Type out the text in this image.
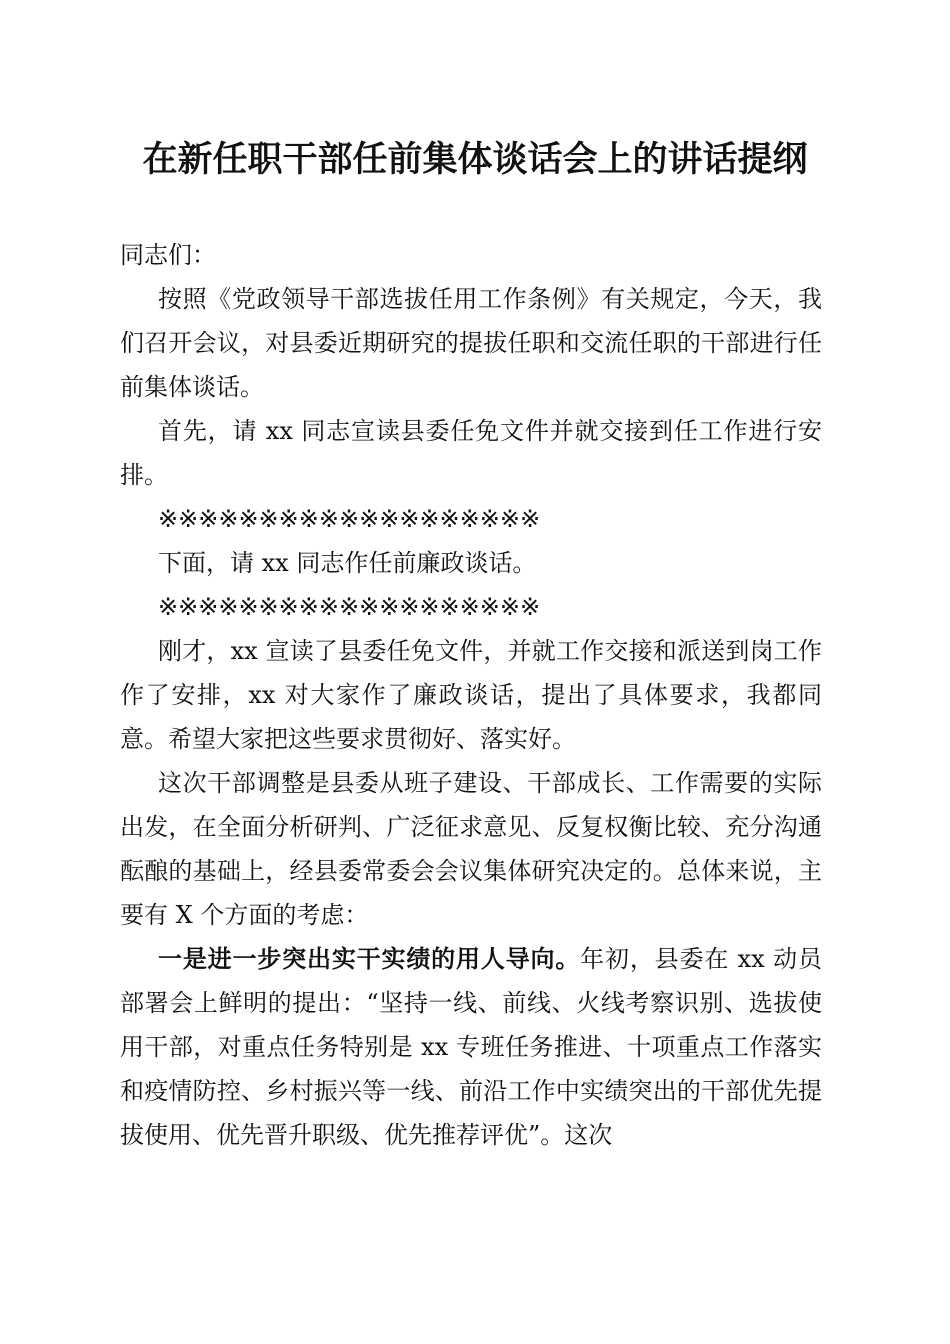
在新任职干部任前集体谈话会上的讲话提纲

同志们：

按照《党政领导干部选拔任用工作条例》有关规定，今天，我们召开会议，对县委近期研究的提拔任职和交流任职的干部进行任前集体谈话。

首先，请 xx 同志宣读县委任免文件并就交接到任工作进行安排。

※※※※※※※※※※※※※※※※※※※

下面，请 xx 同志作任前廉政谈话。

※※※※※※※※※※※※※※※※※※※

刚才，xx 宣读了县委任免文件，并就工作交接和派送到岗工作作了安排，xx 对大家作了廉政谈话，提出了具体要求，我都同意。希望大家把这些要求贯彻好、落实好。

这次干部调整是县委从班子建设、干部成长、工作需要的实际出发，在全面分析研判、广泛征求意见、反复权衡比较、充分沟通酝酿的基础上，经县委常委会会议集体研究决定的。总体来说，主要有 X 个方面的考虑：

一是进一步突出实干实绩的用人导向。年初，县委在 xx 动员部署会上鲜明的提出：“坚持一线、前线、火线考察识别、选拔使用干部，对重点任务特别是 xx 专班任务推进、十项重点工作落实和疫情防控、乡村振兴等一线、前沿工作中实绩突出的干部优先提拔使用、优先晋升职级、优先推荐评优”。这次
